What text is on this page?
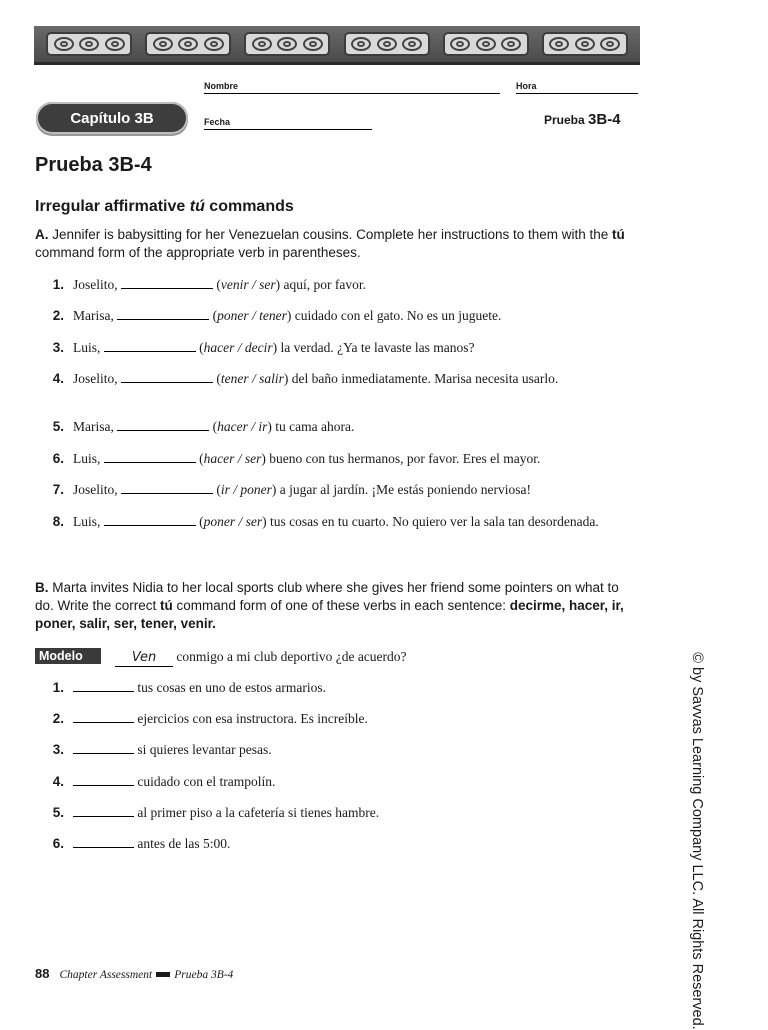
Nombre	Hora
Capítulo 3B	Fecha	Prueba 3B-4
Prueba 3B-4
Irregular affirmative tú commands
A. Jennifer is babysitting for her Venezuelan cousins. Complete her instructions to them with the tú command form of the appropriate verb in parentheses.
1. Joselito,	(venir / ser) aquí, por favor.
2. Marisa,	(poner / tener) cuidado con el gato. No es un juguete.
3. Luis,	(hacer / decir) la verdad. ¿Ya te lavaste las manos?
4. Joselito,	(tener / salir) del baño inmediatamente. Marisa necesita usarlo.
5. Marisa,	(hacer / ir) tu cama ahora.
6. Luis,	(hacer / ser) bueno con tus hermanos, por favor. Eres el mayor.
7. Joselito,	(ir / poner) a jugar al jardín. ¡Me estás poniendo nerviosa!
8. Luis,	(poner / ser) tus cosas en tu cuarto. No quiero ver la sala tan desordenada.
B. Marta invites Nidia to her local sports club where she gives her friend some pointers on what to do. Write the correct tú command form of one of these verbs in each sentence: decirme, hacer, ir, poner, salir, ser, tener, venir.
Modelo	Ven conmigo a mi club deportivo ¿de acuerdo?
1.	tus cosas en uno de estos armarios.
2.	ejercicios con esa instructora. Es increíble.
3.	si quieres levantar pesas.
4.	cuidado con el trampolín.
5.	al primer piso a la cafetería si tienes hambre.
6.	antes de las 5:00.	© by Savvas Learning Company LLC. All Rights Reserved.
88 Chapter Assessment Prueba 3B-4
